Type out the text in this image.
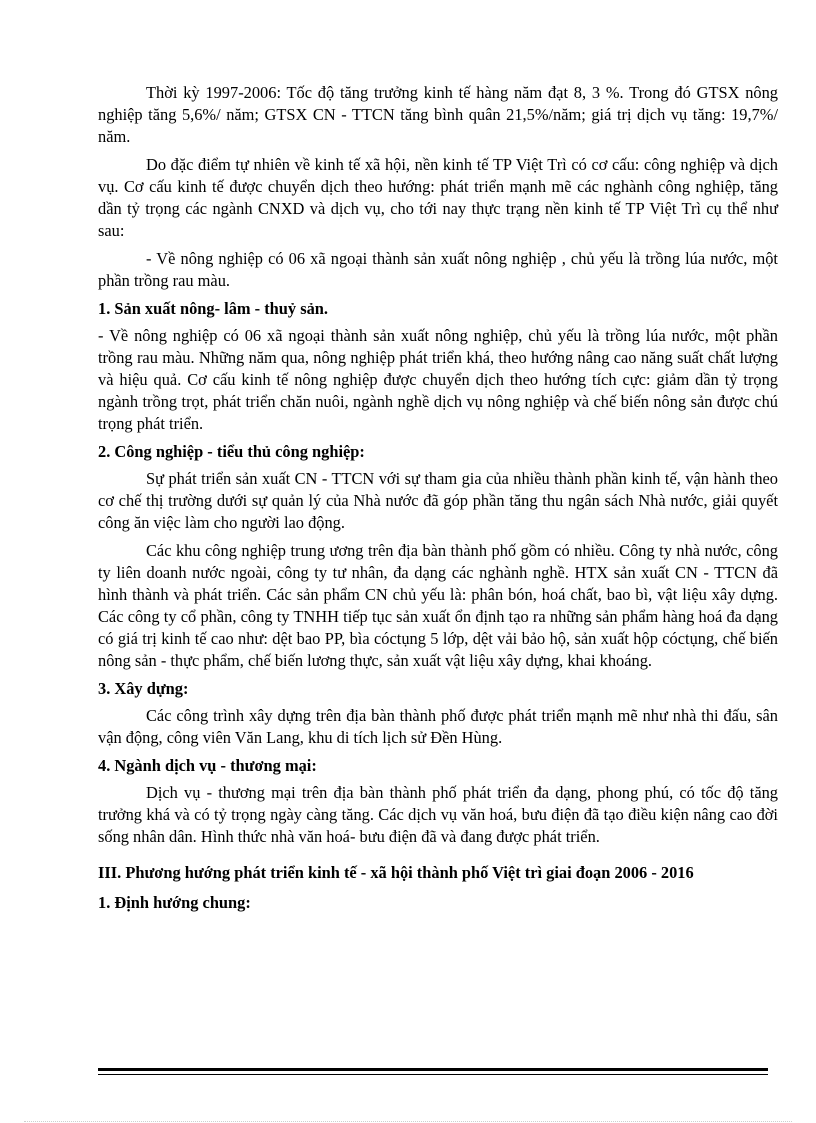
Thời kỳ 1997-2006: Tốc độ tăng trưởng kinh tế hàng năm đạt 8, 3 %. Trong đó GTSX nông nghiệp tăng 5,6%/ năm; GTSX CN - TTCN tăng bình quân 21,5%/năm; giá trị dịch vụ tăng: 19,7%/ năm.

Do đặc điểm tự nhiên về kinh tế xã hội, nền kinh tế TP Việt Trì có cơ cấu: công nghiệp và dịch vụ. Cơ cấu kinh tế được chuyển dịch theo hướng: phát triển mạnh mẽ các nghành công nghiệp, tăng dần tỷ trọng các ngành CNXD và dịch vụ, cho tới nay thực trạng nền kinh tế TP Việt Trì cụ thể như sau:

- Về nông nghiệp có 06 xã ngoại thành sản xuất nông nghiệp , chủ yếu là trồng lúa nước, một phần trồng rau màu.

1. Sản xuất nông- lâm - thuỷ sản.

- Về nông nghiệp có 06 xã ngoại thành sản xuất nông nghiệp, chủ yếu là trồng lúa nước, một phần trồng rau màu. Những năm qua, nông nghiệp phát triển khá, theo hướng nâng cao năng suất chất lượng và hiệu quả. Cơ cấu kinh tế nông nghiệp được chuyển dịch theo hướng tích cực: giảm dần tỷ trọng ngành trồng trọt, phát triển chăn nuôi, ngành nghề dịch vụ nông nghiệp và chế biến nông sản được chú trọng phát triển.

2. Công nghiệp - tiểu thủ công nghiệp:

Sự phát triển sản xuất CN - TTCN với sự tham gia của nhiều thành phần kinh tế, vận hành theo cơ chế thị trường dưới sự quản lý của Nhà nước đã góp phần tăng thu ngân sách Nhà nước, giải quyết công ăn việc làm cho người lao động.

Các khu công nghiệp trung ương trên địa bàn thành phố gồm có nhiều. Công ty nhà nước, công ty liên doanh nước ngoài, công ty tư nhân, đa dạng các nghành nghề. HTX sản xuất CN - TTCN đã hình thành và phát triển. Các sản phẩm CN chủ yếu là: phân bón, hoá chất, bao bì, vật liệu xây dựng. Các công ty cổ phần, công ty TNHH tiếp tục sản xuất ổn định tạo ra những sản phẩm hàng hoá đa dạng có giá trị kinh tế cao như: dệt bao PP, bìa cóctụng 5 lớp, dệt vải bảo hộ, sản xuất hộp cóctụng, chế biến nông sản - thực phẩm, chế biến lương thực, sản xuất vật liệu xây dựng, khai khoáng.

3. Xây dựng:

Các công trình xây dựng trên địa bàn thành phố được phát triển mạnh mẽ như nhà thi đấu, sân vận động, công viên Văn Lang, khu di tích lịch sử Đền Hùng.

4. Ngành dịch vụ - thương mại:

Dịch vụ - thương mại trên địa bàn thành phố phát triển đa dạng, phong phú, có tốc độ tăng trưởng khá và có tỷ trọng ngày càng tăng. Các dịch vụ văn hoá, bưu điện đã tạo điều kiện nâng cao đời sống nhân dân. Hình thức nhà văn hoá- bưu điện đã và đang được phát triển.

III. Phương hướng phát triển kinh tế - xã hội thành phố Việt trì giai đoạn 2006 - 2016

1. Định hướng chung:
